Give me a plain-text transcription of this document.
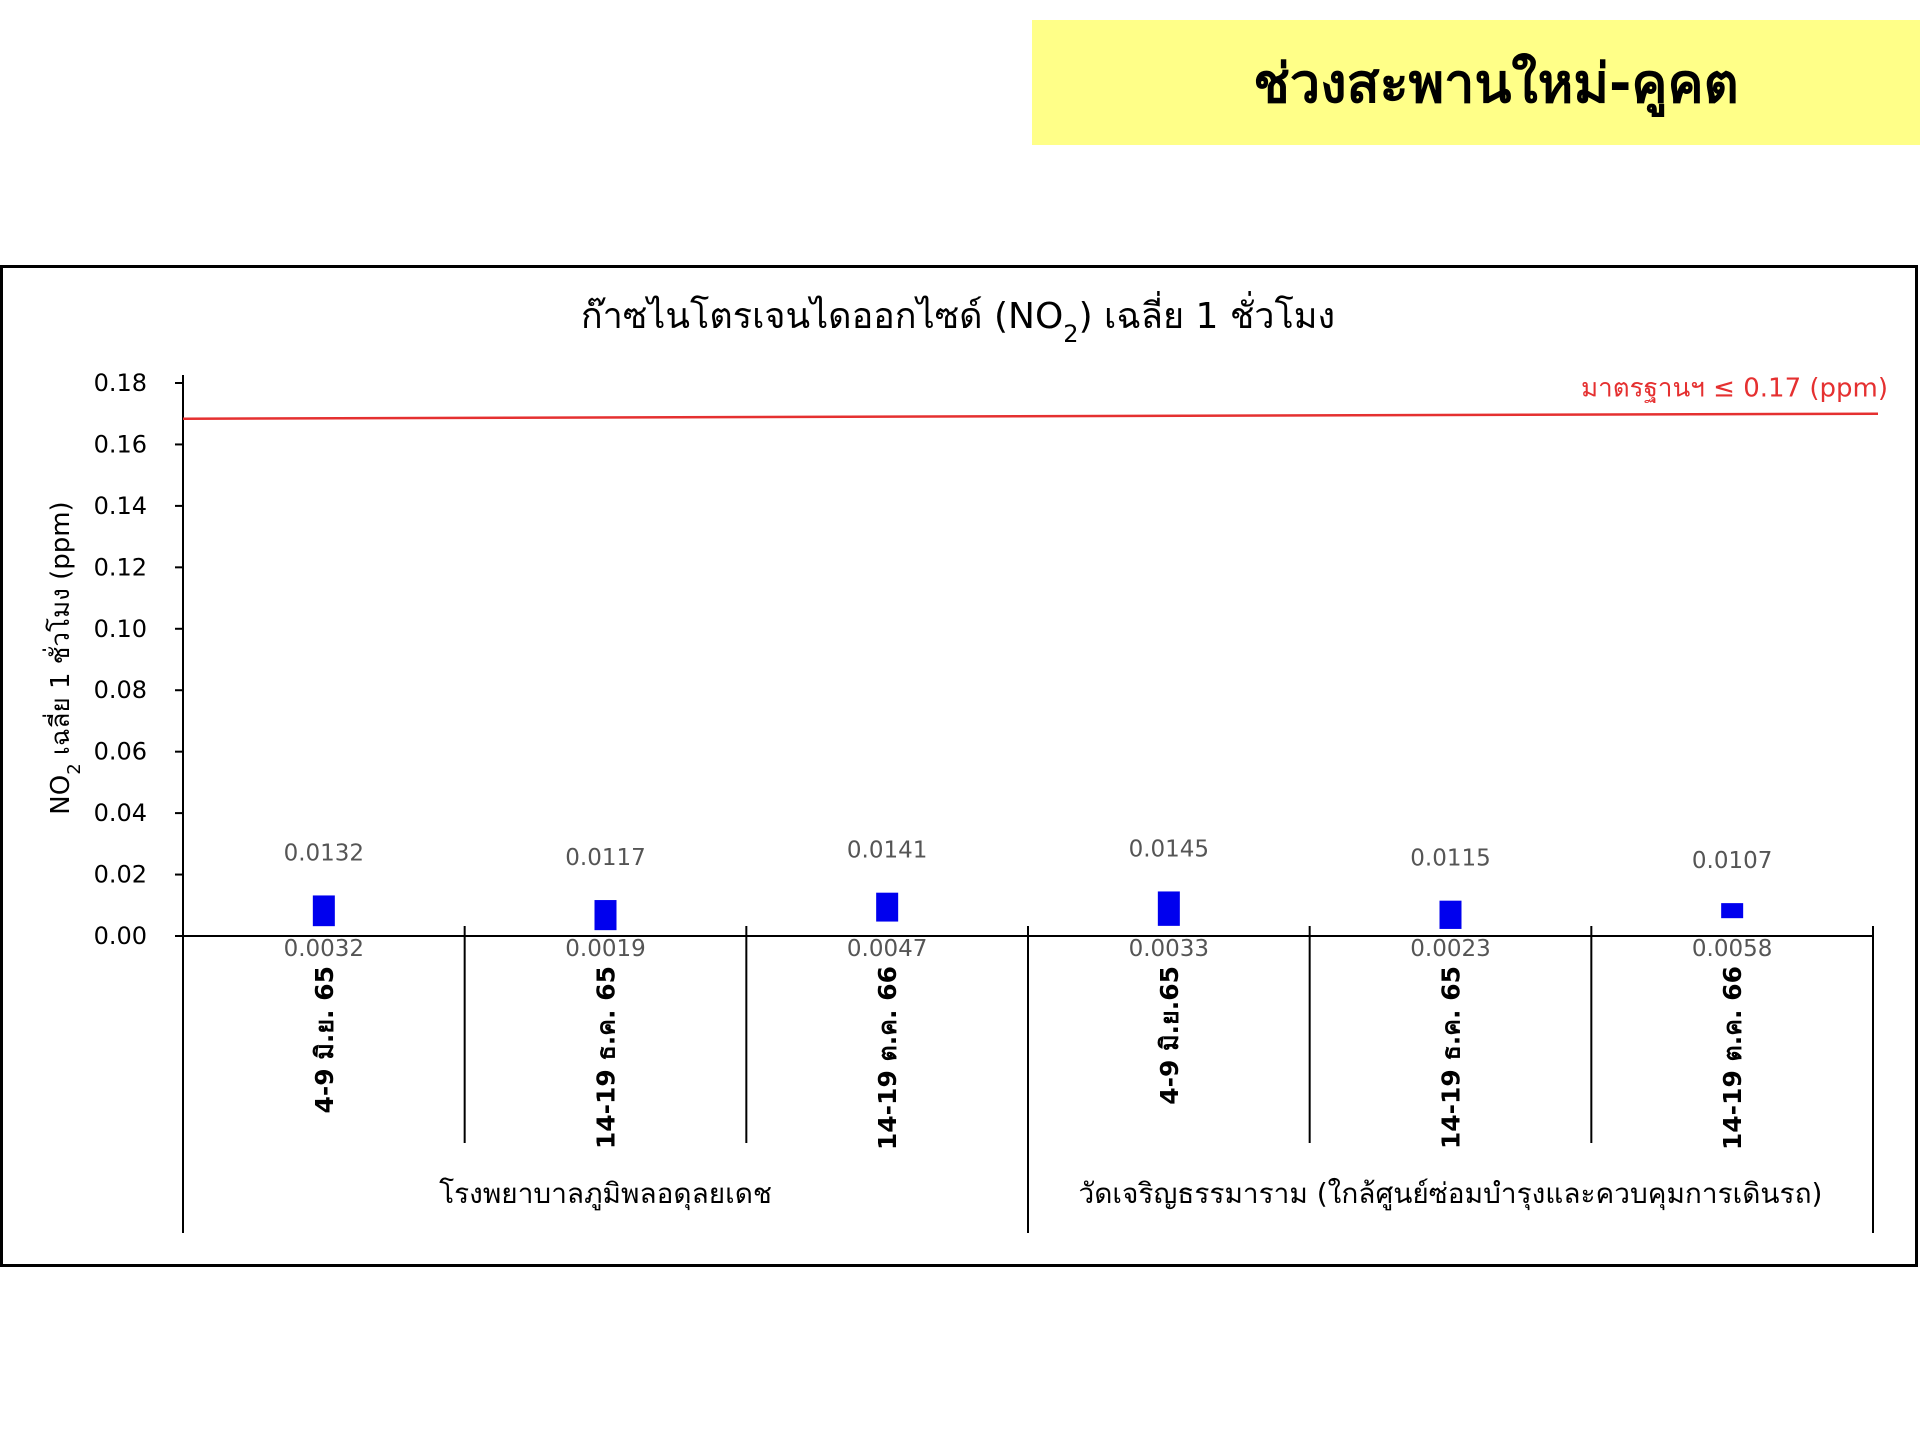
ช่วงสะพานใหม่-คูคต
ก๊าซไนโตรเจนไดออกไซด์ $(NO_2)$ เฉลี่ย 1 ชั่วโมง
$NO_2$ เฉลี่ย 1 ชั่วโมง (ppm)
0.00
0.02
0.04
0.06
0.08
0.10
0.12
0.14
0.16
0.18	มาตรฐานฯ ≤ 0.17 (ppm)
0.0132
0.0032
4-9 มิ.ย. 65
0.0117
0.0019
14-19 ธ.ค. 65
0.0141
0.0047
14-19 ต.ค. 66
0.0145
0.0033
4-9 มิ.ย.65
0.0115
0.0023
14-19 ธ.ค. 65
0.0107
0.0058
14-19 ต.ค. 66
โรงพยาบาลภูมิพลอดุลยเดช	วัดเจริญธรรมาราม (ใกล้ศูนย์ซ่อมบำรุงและควบคุมการเดินรถ)
